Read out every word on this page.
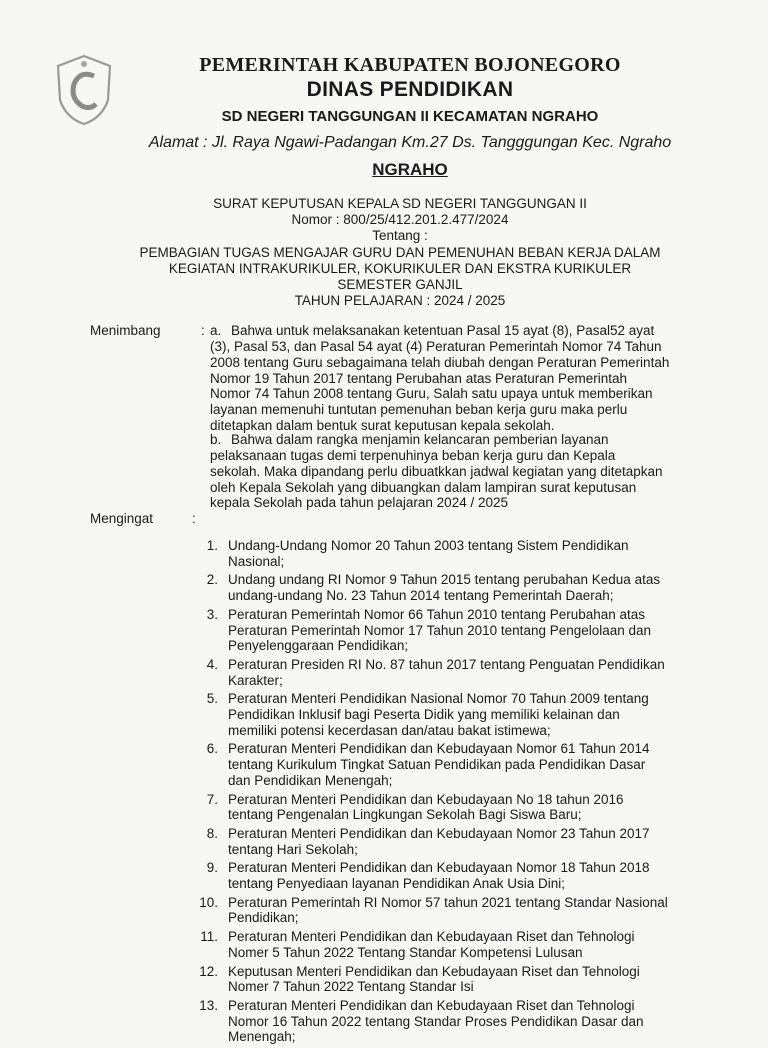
PEMERINTAH KABUPATEN BOJONEGORO
DINAS PENDIDIKAN
SD NEGERI TANGGUNGAN II KECAMATAN NGRAHO
Alamat : Jl. Raya Ngawi-Padangan Km.27 Ds. Tangggungan Kec. Ngraho
NGRAHO
SURAT KEPUTUSAN KEPALA SD NEGERI TANGGUNGAN II
Nomor : 800/25/412.201.2.477/2024
Tentang :
PEMBAGIAN TUGAS MENGAJAR GURU DAN PEMENUHAN BEBAN KERJA DALAM
KEGIATAN INTRAKURIKULER, KOKURIKULER DAN EKSTRA KURIKULER
SEMESTER GANJIL
TAHUN PELAJARAN : 2024 / 2025
Menimbang	: a. Bahwa untuk melaksanakan ketentuan Pasal 15 ayat (8), Pasal52 ayat
(3), Pasal 53, dan Pasal 54 ayat (4) Peraturan Pemerintah Nomor 74 Tahun
2008 tentang Guru sebagaimana telah diubah dengan Peraturan Pemerintah
Nomor 19 Tahun 2017 tentang Perubahan atas Peraturan Pemerintah
Nomor 74 Tahun 2008 tentang Guru, Salah satu upaya untuk memberikan
layanan memenuhi tuntutan pemenuhan beban kerja guru maka perlu
ditetapkan dalam bentuk surat keputusan kepala sekolah.
b. Bahwa dalam rangka menjamin kelancaran pemberian layanan
pelaksanaan tugas demi terpenuhinya beban kerja guru dan Kepala
sekolah. Maka dipandang perlu dibuatkkan jadwal kegiatan yang ditetapkan
oleh Kepala Sekolah yang dibuangkan dalam lampiran surat keputusan
kepala Sekolah pada tahun pelajaran 2024 / 2025
Mengingat	:
1. Undang-Undang Nomor 20 Tahun 2003 tentang Sistem Pendidikan
Nasional;
2. Undang undang RI Nomor 9 Tahun 2015 tentang perubahan Kedua atas
undang-undang No. 23 Tahun 2014 tentang Pemerintah Daerah;
3. Peraturan Pemerintah Nomor 66 Tahun 2010 tentang Perubahan atas
Peraturan Pemerintah Nomor 17 Tahun 2010 tentang Pengelolaan dan
Penyelenggaraan Pendidikan;
4. Peraturan Presiden RI No. 87 tahun 2017 tentang Penguatan Pendidikan
Karakter;
5. Peraturan Menteri Pendidikan Nasional Nomor 70 Tahun 2009 tentang
Pendidikan Inklusif bagi Peserta Didik yang memiliki kelainan dan
memiliki potensi kecerdasan dan/atau bakat istimewa;
6. Peraturan Menteri Pendidikan dan Kebudayaan Nomor 61 Tahun 2014
tentang Kurikulum Tingkat Satuan Pendidikan pada Pendidikan Dasar
dan Pendidikan Menengah;
7. Peraturan Menteri Pendidikan dan Kebudayaan No 18 tahun 2016
tentang Pengenalan Lingkungan Sekolah Bagi Siswa Baru;
8. Peraturan Menteri Pendidikan dan Kebudayaan Nomor 23 Tahun 2017
tentang Hari Sekolah;
9. Peraturan Menteri Pendidikan dan Kebudayaan Nomor 18 Tahun 2018
tentang Penyediaan layanan Pendidikan Anak Usia Dini;
10. Peraturan Pemerintah RI Nomor 57 tahun 2021 tentang Standar Nasional
Pendidikan;
11. Peraturan Menteri Pendidikan dan Kebudayaan Riset dan Tehnologi
Nomer 5 Tahun 2022 Tentang Standar Kompetensi Lulusan
12. Keputusan Menteri Pendidikan dan Kebudayaan Riset dan Tehnologi
Nomer 7 Tahun 2022 Tentang Standar Isi
13. Peraturan Menteri Pendidikan dan Kebudayaan Riset dan Tehnologi
Nomor 16 Tahun 2022 tentang Standar Proses Pendidikan Dasar dan
Menengah;
